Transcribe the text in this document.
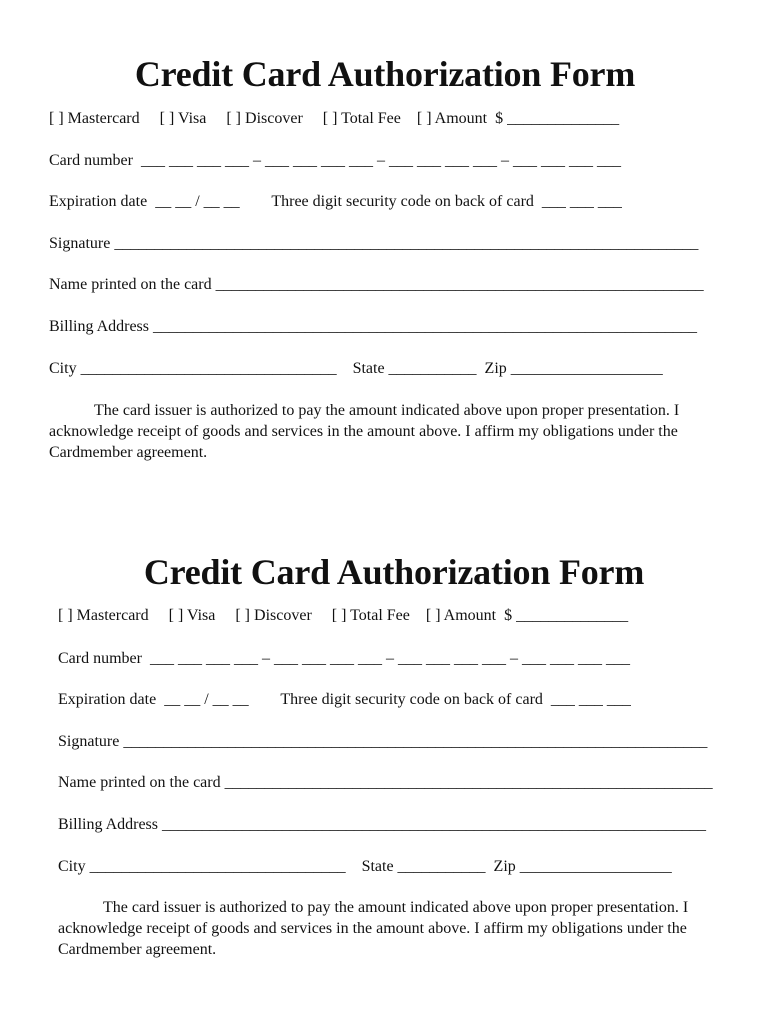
Credit Card Authorization Form
[ ] Mastercard     [ ] Visa     [ ] Discover     [ ] Total Fee    [ ] Amount  $ ______________
Card number  ___ ___ ___ ___ – ___ ___ ___ ___ – ___ ___ ___ ___ – ___ ___ ___ ___
Expiration date  __ __ / __ __        Three digit security code on back of card  ___ ___ ___
Signature _________________________________________________________________________
Name printed on the card _____________________________________________________________
Billing Address ____________________________________________________________________
City ________________________________    State ___________  Zip ___________________
The card issuer is authorized to pay the amount indicated above upon proper presentation. I acknowledge receipt of goods and services in the amount above. I affirm my obligations under the Cardmember agreement.
Credit Card Authorization Form
[ ] Mastercard     [ ] Visa     [ ] Discover     [ ] Total Fee    [ ] Amount  $ ______________
Card number  ___ ___ ___ ___ – ___ ___ ___ ___ – ___ ___ ___ ___ – ___ ___ ___ ___
Expiration date  __ __ / __ __        Three digit security code on back of card  ___ ___ ___
Signature _________________________________________________________________________
Name printed on the card _____________________________________________________________
Billing Address ____________________________________________________________________
City ________________________________    State ___________  Zip ___________________
The card issuer is authorized to pay the amount indicated above upon proper presentation. I acknowledge receipt of goods and services in the amount above. I affirm my obligations under the Cardmember agreement.
